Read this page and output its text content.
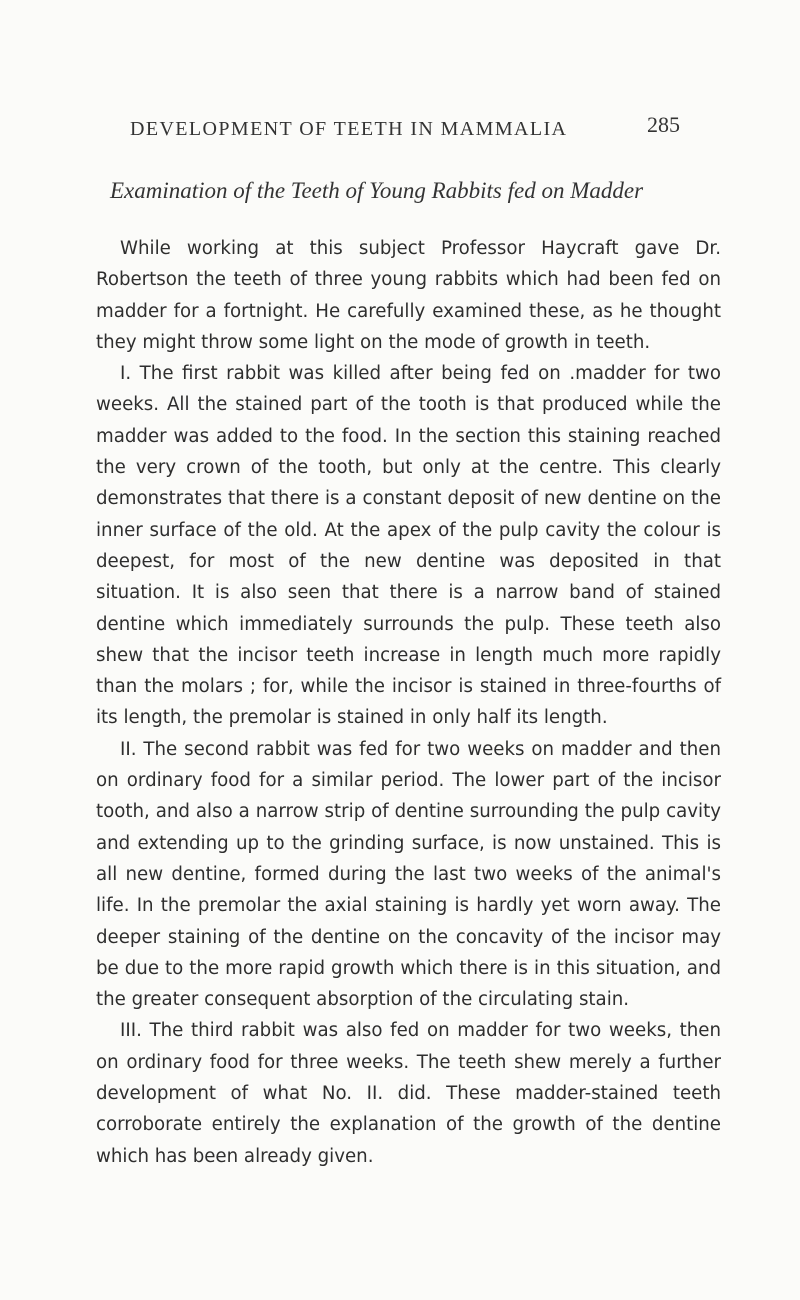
DEVELOPMENT OF TEETH IN MAMMALIA	285
Examination of the Teeth of Young Rabbits fed on Madder

While working at this subject Professor Haycraft gave Dr. Robertson the teeth of three young rabbits which had been fed on madder for a fortnight. He carefully examined these, as he thought they might throw some light on the mode of growth in teeth.

I. The first rabbit was killed after being fed on .madder for two weeks. All the stained part of the tooth is that produced while the madder was added to the food. In the section this staining reached the very crown of the tooth, but only at the centre. This clearly demonstrates that there is a constant deposit of new dentine on the inner surface of the old. At the apex of the pulp cavity the colour is deepest, for most of the new dentine was deposited in that situation. It is also seen that there is a narrow band of stained dentine which immediately surrounds the pulp. These teeth also shew that the incisor teeth increase in length much more rapidly than the molars ; for, while the incisor is stained in three-fourths of its length, the premolar is stained in only half its length.

II. The second rabbit was fed for two weeks on madder and then on ordinary food for a similar period. The lower part of the incisor tooth, and also a narrow strip of dentine surrounding the pulp cavity and extending up to the grinding surface, is now unstained. This is all new dentine, formed during the last two weeks of the animal's life. In the premolar the axial staining is hardly yet worn away. The deeper staining of the dentine on the concavity of the incisor may be due to the more rapid growth which there is in this situation, and the greater consequent absorption of the circulating stain.

III. The third rabbit was also fed on madder for two weeks, then on ordinary food for three weeks. The teeth shew merely a further development of what No. II. did. These madder-stained teeth corroborate entirely the explanation of the growth of the dentine which has been already given.
